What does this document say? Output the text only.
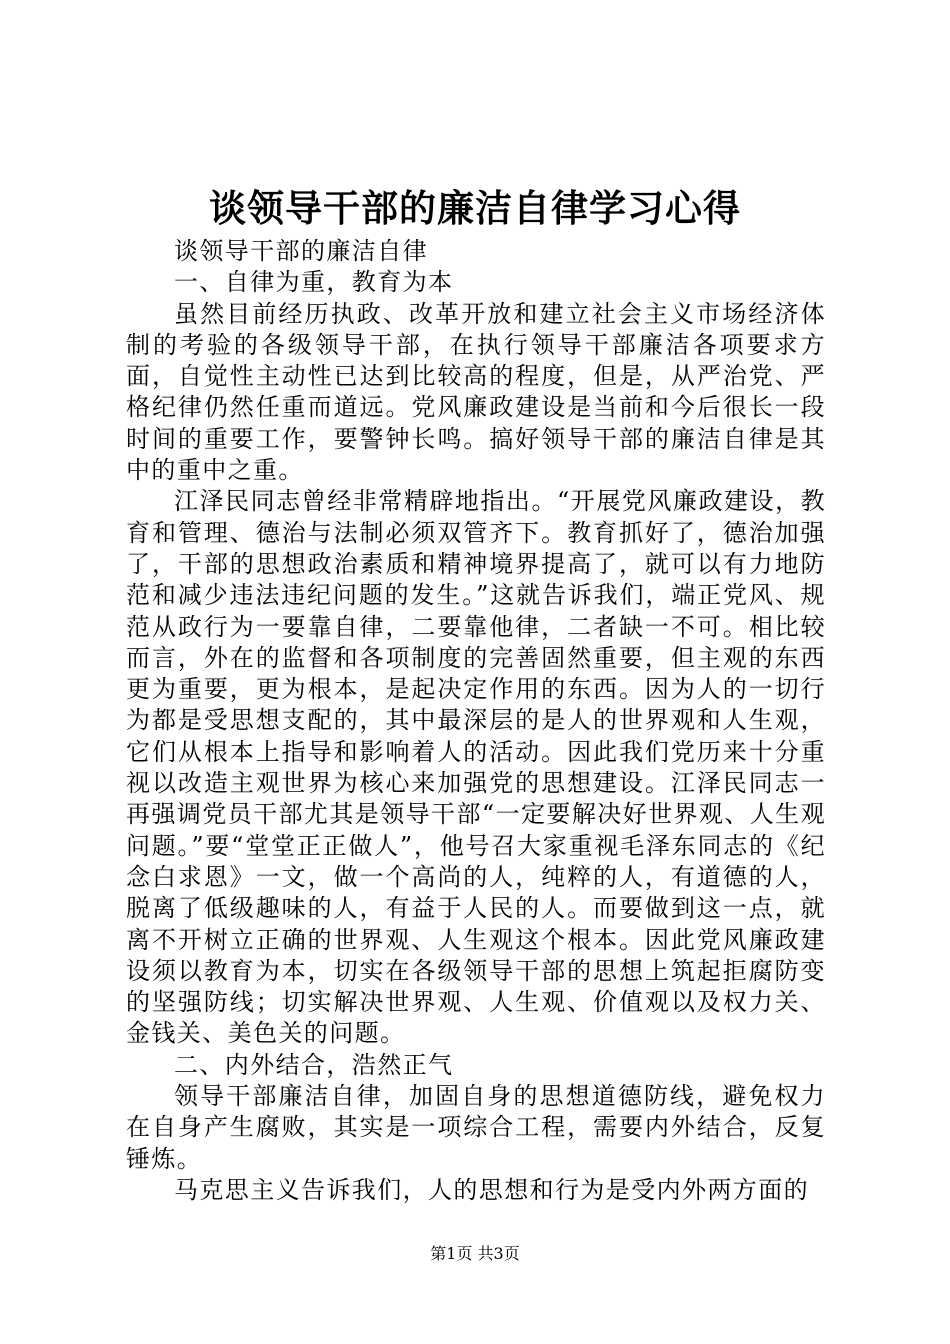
谈领导干部的廉洁自律学习心得

谈领导干部的廉洁自律

一、自律为重，教育为本

虽然目前经历执政、改革开放和建立社会主义市场经济体制的考验的各级领导干部，在执行领导干部廉洁各项要求方面，自觉性主动性已达到比较高的程度，但是，从严治党、严格纪律仍然任重而道远。党风廉政建设是当前和今后很长一段时间的重要工作，要警钟长鸣。搞好领导干部的廉洁自律是其中的重中之重。

江泽民同志曾经非常精辟地指出。“开展党风廉政建设，教育和管理、德治与法制必须双管齐下。教育抓好了，德治加强了，干部的思想政治素质和精神境界提高了，就可以有力地防范和减少违法违纪问题的发生。”这就告诉我们，端正党风、规范从政行为一要靠自律，二要靠他律，二者缺一不可。相比较而言，外在的监督和各项制度的完善固然重要，但主观的东西更为重要，更为根本，是起决定作用的东西。因为人的一切行为都是受思想支配的，其中最深层的是人的世界观和人生观，它们从根本上指导和影响着人的活动。因此我们党历来十分重视以改造主观世界为核心来加强党的思想建设。江泽民同志一再强调党员干部尤其是领导干部“一定要解决好世界观、人生观问题。”要“堂堂正正做人”，他号召大家重视毛泽东同志的《纪念白求恩》一文，做一个高尚的人，纯粹的人，有道德的人，脱离了低级趣味的人，有益于人民的人。而要做到这一点，就离不开树立正确的世界观、人生观这个根本。因此党风廉政建设须以教育为本，切实在各级领导干部的思想上筑起拒腐防变的坚强防线；切实解决世界观、人生观、价值观以及权力关、金钱关、美色关的问题。

二、内外结合，浩然正气

领导干部廉洁自律，加固自身的思想道德防线，避免权力在自身产生腐败，其实是一项综合工程，需要内外结合，反复锤炼。

马克思主义告诉我们，人的思想和行为是受内外两方面的

第1页 共3页
